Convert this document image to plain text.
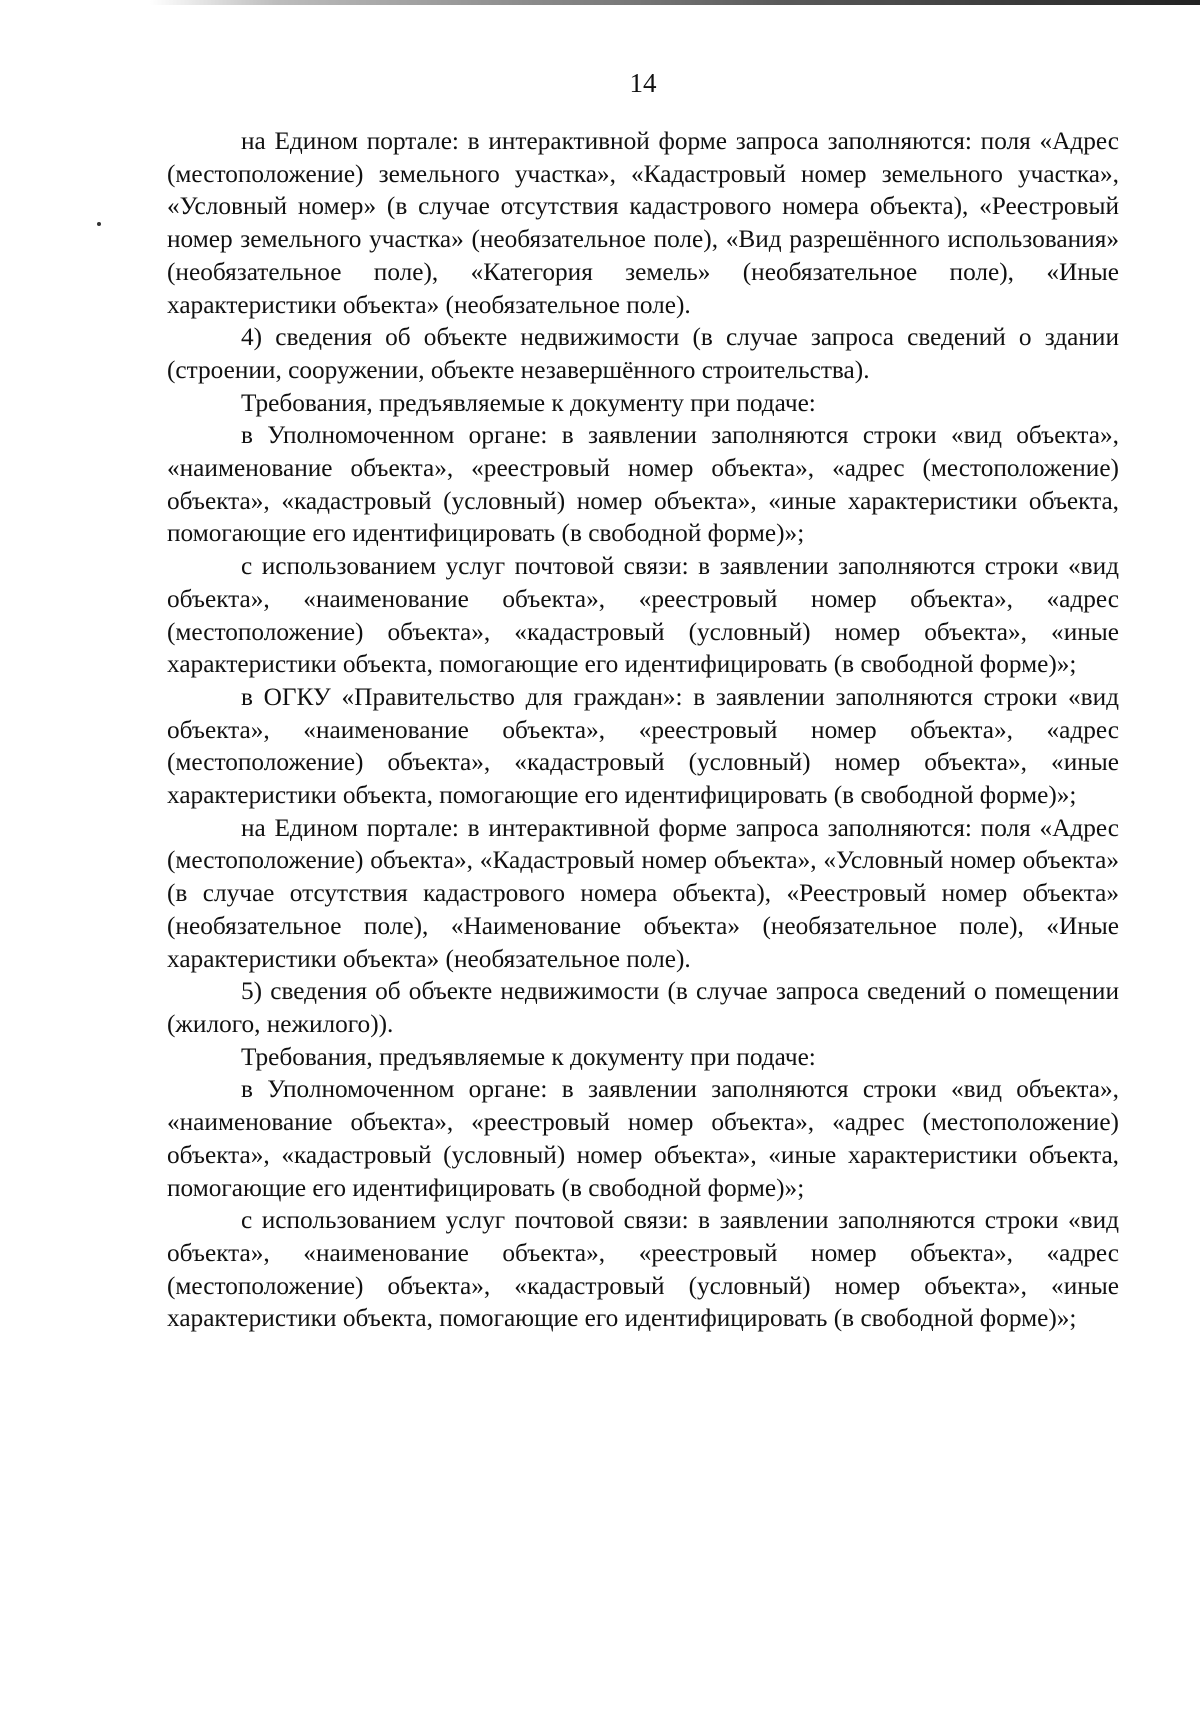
14

на Едином портале: в интерактивной форме запроса заполняются: поля «Адрес (местоположение) земельного участка», «Кадастровый номер земельного участка», «Условный номер» (в случае отсутствия кадастрового номера объекта), «Реестровый номер земельного участка» (необязательное поле), «Вид разрешённого использования» (необязательное поле), «Категория земель» (необязательное поле), «Иные характеристики объекта» (необязательное поле).

4) сведения об объекте недвижимости (в случае запроса сведений о здании (строении, сооружении, объекте незавершённого строительства).

Требования, предъявляемые к документу при подаче:

в Уполномоченном органе: в заявлении заполняются строки «вид объекта», «наименование объекта», «реестровый номер объекта», «адрес (местоположение) объекта», «кадастровый (условный) номер объекта», «иные характеристики объекта, помогающие его идентифицировать (в свободной форме)»;

с использованием услуг почтовой связи: в заявлении заполняются строки «вид объекта», «наименование объекта», «реестровый номер объекта», «адрес (местоположение) объекта», «кадастровый (условный) номер объекта», «иные характеристики объекта, помогающие его идентифицировать (в свободной форме)»;

в ОГКУ «Правительство для граждан»: в заявлении заполняются строки «вид объекта», «наименование объекта», «реестровый номер объекта», «адрес (местоположение) объекта», «кадастровый (условный) номер объекта», «иные характеристики объекта, помогающие его идентифицировать (в свободной форме)»;

на Едином портале: в интерактивной форме запроса заполняются: поля «Адрес (местоположение) объекта», «Кадастровый номер объекта», «Условный номер объекта» (в случае отсутствия кадастрового номера объекта), «Реестровый номер объекта» (необязательное поле), «Наименование объекта» (необязательное поле), «Иные характеристики объекта» (необязательное поле).

5) сведения об объекте недвижимости (в случае запроса сведений о помещении (жилого, нежилого)).

Требования, предъявляемые к документу при подаче:

в Уполномоченном органе: в заявлении заполняются строки «вид объекта», «наименование объекта», «реестровый номер объекта», «адрес (местоположение) объекта», «кадастровый (условный) номер объекта», «иные характеристики объекта, помогающие его идентифицировать (в свободной форме)»;

с использованием услуг почтовой связи: в заявлении заполняются строки «вид объекта», «наименование объекта», «реестровый номер объекта», «адрес (местоположение) объекта», «кадастровый (условный) номер объекта», «иные характеристики объекта, помогающие его идентифицировать (в свободной форме)»;
